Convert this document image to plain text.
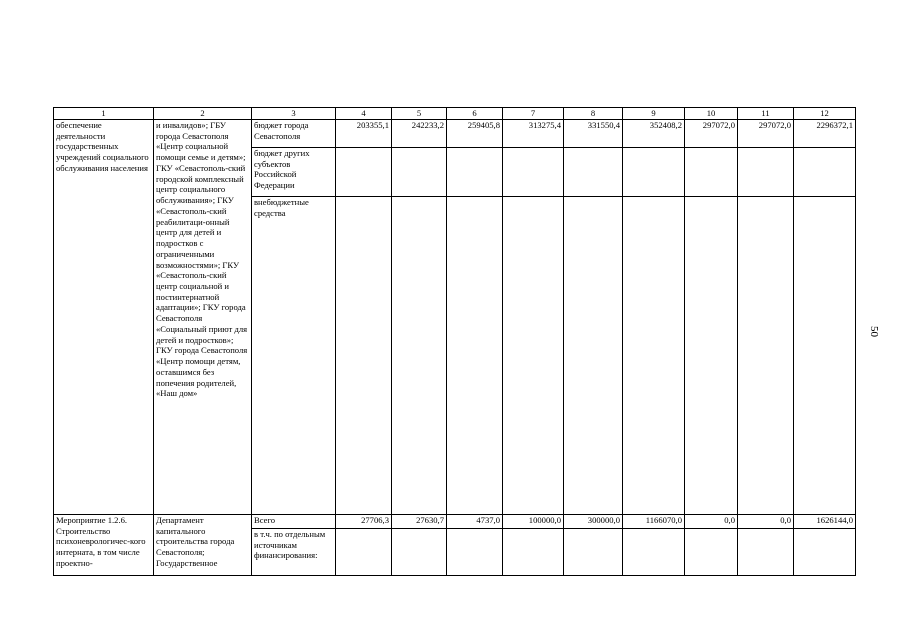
1	2	3	4	5	6	7	8	9	10	11	12
обеспечение деятельности государственных учреждений социального обслуживания населения	и инвалидов»; ГБУ города Севастополя «Центр социальной помощи семье и детям»; ГКУ «Севастополь-ский городской комплексный центр социального обслуживания»; ГКУ «Севастополь-ский реабилитаци-онный центр для детей и подростков с ограниченными возможностями»; ГКУ «Севастополь-ский центр социальной и постинтернатной адаптации»; ГКУ города Севастополя «Социальный приют для детей и подростков»; ГКУ города Севастополя «Центр помощи детям, оставшимся без попечения родителей, «Наш дом»	бюджет города Севастополя	203355,1	242233,2	259405,8	313275,4	331550,4	352408,2	297072,0	297072,0	2296372,1
		бюджет других субъектов Российской Федерации									
		внебюджетные средства									
Мероприятие 1.2.6. Строительство психоневрологичес-кого интерната, в том числе проектно-	Департамент капитального строительства города Севастополя; Государственное	Всего	27706,3	27630,7	4737,0	100000,0	300000,0	1166070,0	0,0	0,0	1626144,0
		в т.ч. по отдельным источникам финансирования:									
50
